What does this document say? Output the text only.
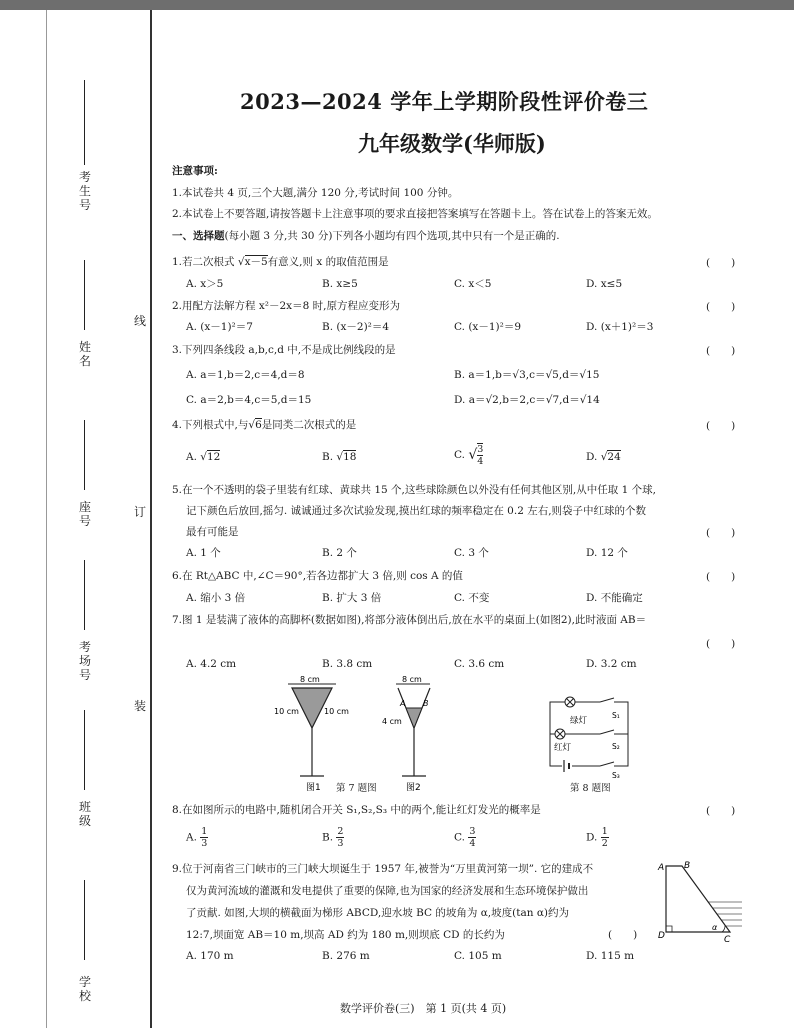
考生号
姓名
座号
考场号
班级
学校
线
订
装
2023—2024 学年上学期阶段性评价卷三
九年级数学(华师版)
注意事项:
1.本试卷共 4 页,三个大题,满分 120 分,考试时间 100 分钟。
2.本试卷上不要答题,请按答题卡上注意事项的要求直接把答案填写在答题卡上。答在试卷上的答案无效。
一、选择题(每小题 3 分,共 30 分)下列各小题均有四个选项,其中只有一个是正确的.
1.若二次根式 √x－5有意义,则 x 的取值范围是	(　　)
A. x＞5	B. x≥5	C. x＜5	D. x≤5
2.用配方法解方程 x²－2x＝8 时,原方程应变形为	(　　)
A. (x－1)²＝7	B. (x－2)²＝4	C. (x－1)²＝9	D. (x＋1)²＝3
3.下列四条线段 a,b,c,d 中,不是成比例线段的是	(　　)
A. a＝1,b＝2,c＝4,d＝8	B. a＝1,b＝√3,c＝√5,d＝√15
C. a＝2,b＝4,c＝5,d＝15	D. a＝√2,b＝2,c＝√7,d＝√14
4.下列根式中,与√6是同类二次根式的是	(　　)
A. √12	B. √18	C. √ $\frac{3}{4}$	D. √24
5.在一个不透明的袋子里装有红球、黄球共 15 个,这些球除颜色以外没有任何其他区别,从中任取 1 个球,
记下颜色后放回,摇匀. 诚诚通过多次试验发现,摸出红球的频率稳定在 0.2 左右,则袋子中红球的个数
最有可能是	(　　)
A. 1 个	B. 2 个	C. 3 个	D. 12 个
6.在 Rt△ABC 中,∠C＝90°,若各边都扩大 3 倍,则 cos A 的值	(　　)
A. 缩小 3 倍	B. 扩大 3 倍	C. 不变	D. 不能确定
7.图 1 是装满了液体的高脚杯(数据如图),将部分液体倒出后,放在水平的桌面上(如图2),此时液面 AB＝
(　　)
A. 4.2 cm	B. 3.8 cm	C. 3.6 cm	D. 3.2 cm
8 cm
10 cm	10 cm
图1
8 cm
A B
4 cm
图2
第 7 题图
绿灯
红灯
S₁
S₂
S₃
第 8 题图
8.在如图所示的电路中,随机闭合开关 S₁,S₂,S₃ 中的两个,能让红灯发光的概率是	(　　)
A. $\frac{1}{3}$	B. $\frac{2}{3}$	C. $\frac{3}{4}$	D. $\frac{1}{2}$
9.位于河南省三门峡市的三门峡大坝诞生于 1957 年,被誉为“万里黄河第一坝”. 它的建成不
仅为黄河流域的灌溉和发电提供了重要的保障,也为国家的经济发展和生态环境保护做出
了贡献. 如图,大坝的横截面为梯形 ABCD,迎水坡 BC 的坡角为 α,坡度(tan α)约为
12:7,坝面宽 AB＝10 m,坝高 AD 约为 180 m,则坝底 CD 的长约为	(　　)
A. 170 m	B. 276 m	C. 105 m	D. 115 m
A B
D	C
α
数学评价卷(三)　第 1 页(共 4 页)
